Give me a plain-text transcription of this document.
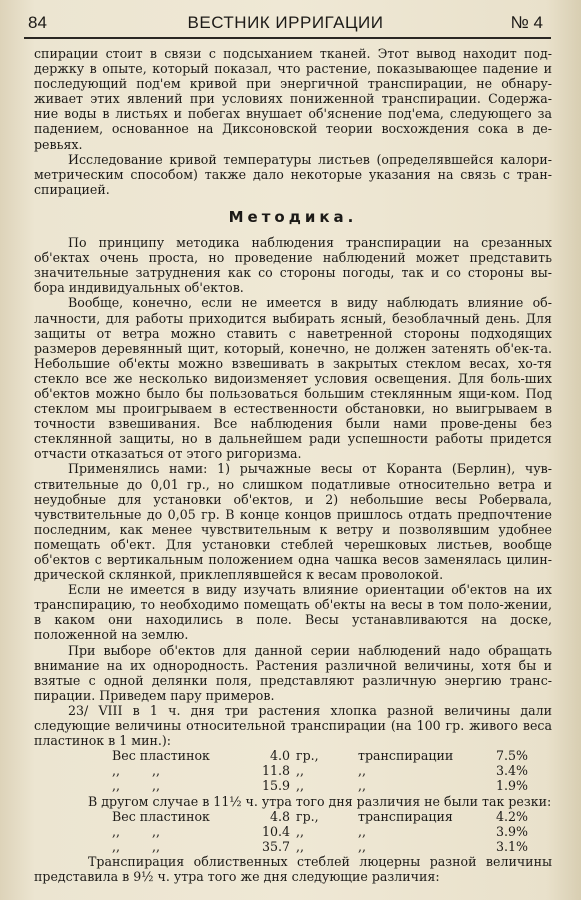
84	ВЕСТНИК ИРРИГАЦИИ	№ 4

спирации стоит в связи с подсыханием тканей. Этот вывод находит под-держку в опыте, который показал, что растение, показывающее падение и последующий под'ем кривой при энергичной транспирации, не обнару-живает этих явлений при условиях пониженной транспирации. Содержа-ние воды в листьях и побегах внушает об'яснение под'ема, следующего за падением, основанное на Диксоновской теории восхождения сока в де-ревьях.

Исследование кривой температуры листьев (определявшейся калори-метрическим способом) также дало некоторые указания на связь с тран-спирацией.

Методика.

По принципу методика наблюдения транспирации на срезанных об'ектах очень проста, но проведение наблюдений может представить значительные затруднения как со стороны погоды, так и со стороны вы-бора индивидуальных об'ектов.

Вообще, конечно, если не имеется в виду наблюдать влияние об-лачности, для работы приходится выбирать ясный, безоблачный день. Для защиты от ветра можно ставить с наветренной стороны подходящих размеров деревянный щит, который, конечно, не должен затенять об'ек-та. Небольшие об'екты можно взвешивать в закрытых стеклом весах, хо-тя стекло все же несколько видоизменяет условия освещения. Для боль-ших об'ектов можно было бы пользоваться большим стеклянным ящи-ком. Под стеклом мы проигрываем в естественности обстановки, но выигрываем в точности взвешивания. Все наблюдения были нами прове-дены без стеклянной защиты, но в дальнейшем ради успешности работы придется отчасти отказаться от этого ригоризма.

Применялись нами: 1) рычажные весы от Коранта (Берлин), чув-ствительные до 0,01 гр., но слишком податливые относительно ветра и неудобные для установки об'ектов, и 2) небольшие весы Робервала, чувствительные до 0,05 гр. В конце концов пришлось отдать предпочтение последним, как менее чувствительным к ветру и позволявшим удобнее помещать об'ект. Для установки стеблей черешковых листьев, вообще об'ектов с вертикальным положением одна чашка весов заменялась цилин-дрической склянкой, приклеплявшейся к весам проволокой.

Если не имеется в виду изучать влияние ориентации об'ектов на их транспирацию, то необходимо помещать об'екты на весы в том поло-жении, в каком они находились в поле. Весы устанавливаются на доске, положенной на землю.

При выборе об'ектов для данной серии наблюдений надо обращать внимание на их однородность. Растения различной величины, хотя бы и взятые с одной делянки поля, представляют различную энергию транс-пирации. Приведем пару примеров.

23/ VIII в 1 ч. дня три растения хлопка разной величины дали следующие величины относительной транспирации (на 100 гр. живого веса пластинок в 1 мин.):

Вес пластинок	4.0 гр.,	транспирации	7.5%
,,        ,,	11.8 ,,	,,	3.4%
,,        ,,	15.9 ,,	,,	1.9%

В другом случае в 11½ ч. утра того дня различия не были так резки:

Вес пластинок	4.8 гр.,	транспирация	4.2%
,,        ,,	10.4 ,,	,,	3.9%
,,        ,,	35.7 ,,	,,	3.1%

Транспирация облиственных стеблей люцерны разной величины представила в 9½ ч. утра того же дня следующие различия:
